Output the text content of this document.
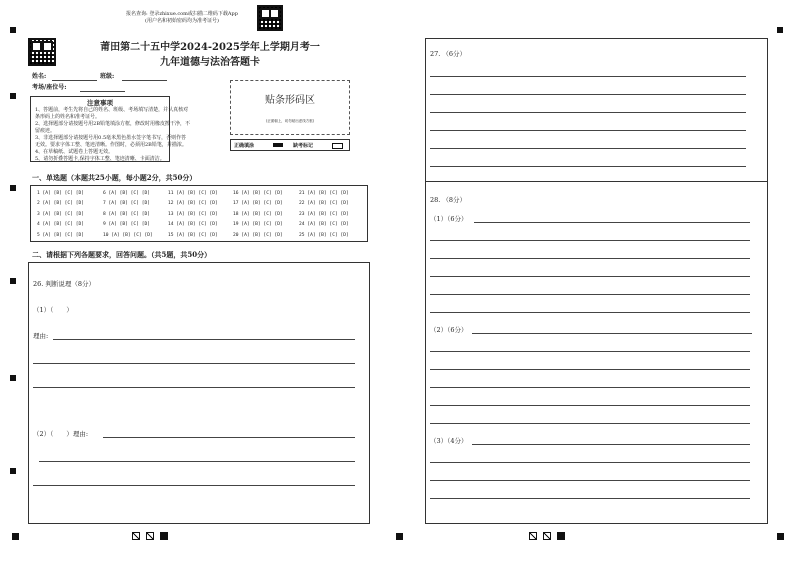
报名查询: 登录zhixue.com或扫描二维码下载App
(用户名和初始密码均为准考证号)
莆田第二十五中学2024-2025学年上学期月考一
九年道德与法治答题卡
姓名:	班级:
考场/座位号:
注意事项
1、答题前，考生先将自己的姓名、班级、考场填写清楚，并认真核对
条形码上的姓名和准考证号。
2、选择题部分请按题号用2B铅笔填涂方框，修改时用橡皮擦干净，不
留痕迹。
3、非选择题部分请按题号用0.5毫米黑色墨水签字笔书写，否则作答
无效。要求字体工整、笔迹清晰。作图时，必须用2B铅笔，并描浓。
4、在草稿纸、试题卷上答题无效。
5、请勿折叠答题卡,保持字体工整、笔迹清晰、卡面清洁。
贴条形码区
(正面朝上，切勿贴出虚线方框)
正确填涂	缺考标记
一、单选题（本题共25小题，每小题2分，共50分）
1 [A] [B] [C] [D]
2 [A] [B] [C] [D]
3 [A] [B] [C] [D]
4 [A] [B] [C] [D]
5 [A] [B] [C] [D]
6 [A] [B] [C] [D]
7 [A] [B] [C] [D]
8 [A] [B] [C] [D]
9 [A] [B] [C] [D]
10 [A] [B] [C] [D]
11 [A] [B] [C] [D]
12 [A] [B] [C] [D]
13 [A] [B] [C] [D]
14 [A] [B] [C] [D]
15 [A] [B] [C] [D]
16 [A] [B] [C] [D]
17 [A] [B] [C] [D]
18 [A] [B] [C] [D]
19 [A] [B] [C] [D]
20 [A] [B] [C] [D]
21 [A] [B] [C] [D]
22 [A] [B] [C] [D]
23 [A] [B] [C] [D]
24 [A] [B] [C] [D]
25 [A] [B] [C] [D]
二、请根据下列各题要求，回答问题。（共5题，共50分）
26. 判断说理（8分）
（1）（　　）
理由:
（2）（　　）理由:
27. （6分）
28. （8分）
（1）（6分）
（2）（6分）
（3）（4分）
